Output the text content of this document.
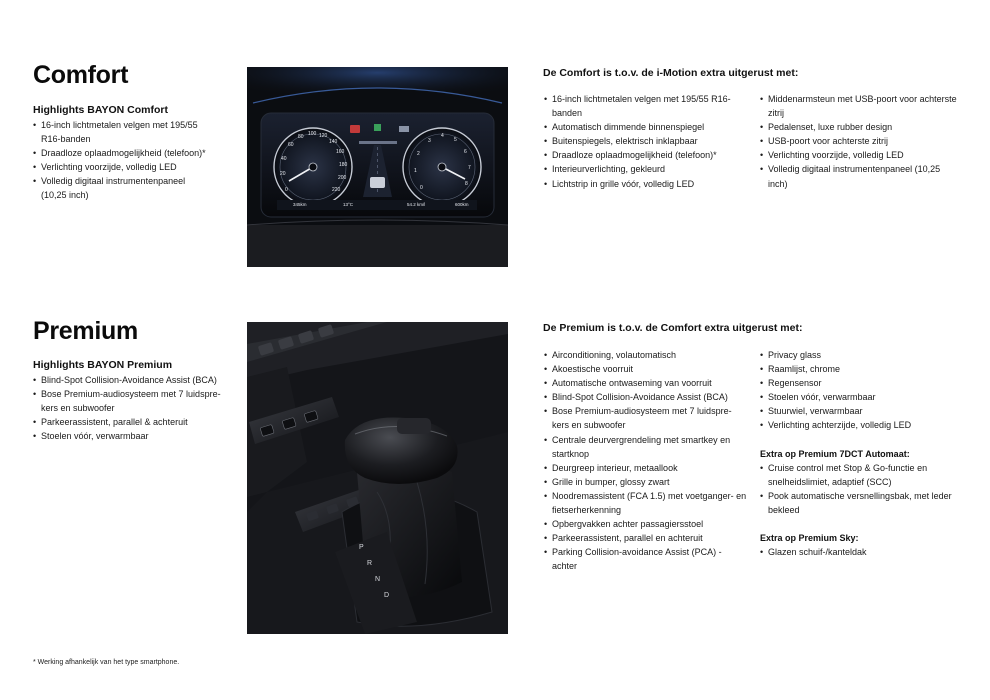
Comfort
Highlights BAYON Comfort
• 16-inch lichtmetalen velgen met 195/55 R16-banden
• Draadloze oplaadmogelijkheid (telefoon)*
• Verlichting voorzijde, volledig LED
• Volledig digitaal instrumentenpaneel (10,25 inch)
0
20
40
60
80 100 120
140
160
180
200
220	0
1
2
3
4
5
6
7
8
345km	13°C	54.2 km/l	600km
De Comfort is t.o.v. de i-Motion extra uitgerust met:
• 16-inch lichtmetalen velgen met 195/55 R16-banden
• Automatisch dimmende binnenspiegel
• Buitenspiegels, elektrisch inklapbaar
• Draadloze oplaadmogelijkheid (telefoon)*
• Interieurverlichting, gekleurd
• Lichtstrip in grille vóór, volledig LED
• Middenarmsteun met USB-poort voor achterste zitrij
• Pedalenset, luxe rubber design
• USB-poort voor achterste zitrij
• Verlichting voorzijde, volledig LED
• Volledig digitaal instrumentenpaneel (10,25 inch)
Premium
Highlights BAYON Premium
• Blind-Spot Collision-Avoidance Assist (BCA)
• Bose Premium-audiosysteem met 7 luidspre-kers en subwoofer
• Parkeerassistent, parallel & achteruit
• Stoelen vóór, verwarmbaar
P
R
N
D
De Premium is t.o.v. de Comfort extra uitgerust met:
• Airconditioning, volautomatisch
• Akoestische voorruit
• Automatische ontwaseming van voorruit
• Blind-Spot Collision-Avoidance Assist (BCA)
• Bose Premium-audiosysteem met 7 luidspre-kers en subwoofer
• Centrale deurvergrendeling met smartkey en startknop
• Deurgreep interieur, metaallook
• Grille in bumper, glossy zwart
• Noodremassistent (FCA 1.5) met voetganger- en fietserherkenning
• Opbergvakken achter passagiersstoel
• Parkeerassistent, parallel en achteruit
• Parking Collision-avoidance Assist (PCA) - achter
• Privacy glass
• Raamlijst, chrome
• Regensensor
• Stoelen vóór, verwarmbaar
• Stuurwiel, verwarmbaar
• Verlichting achterzijde, volledig LED
Extra op Premium 7DCT Automaat:
• Cruise control met Stop & Go-functie en snelheidslimiet, adaptief (SCC)
• Pook automatische versnellingsbak, met leder bekleed
Extra op Premium Sky:
• Glazen schuif-/kanteldak
* Werking afhankelijk van het type smartphone.
